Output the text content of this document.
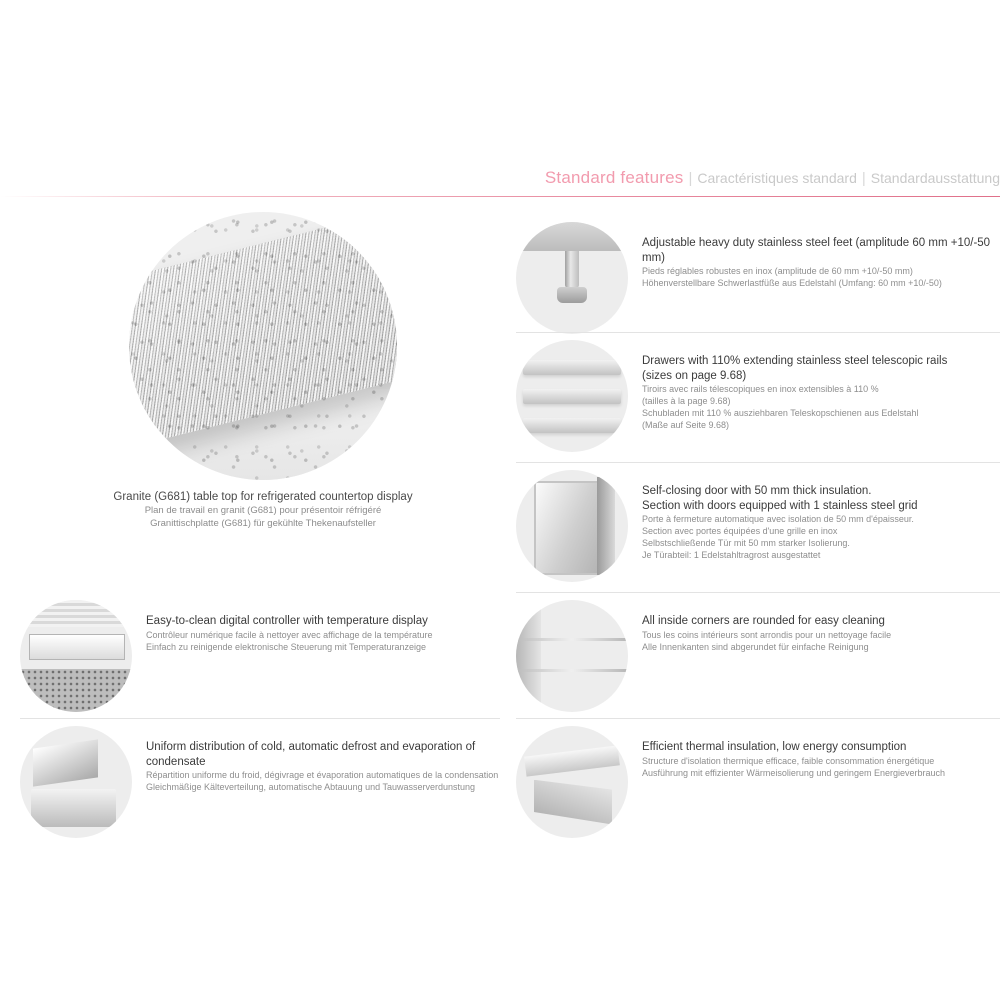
Standard features | Caractéristiques standard | Standardausstattung
Granite (G681) table top for refrigerated countertop display
Plan de travail en granit (G681) pour présentoir réfrigéré
Granittischplatte (G681) für gekühlte Thekenaufsteller
Adjustable heavy duty stainless steel feet (amplitude 60 mm +10/-50 mm)
Pieds réglables robustes en inox (amplitude de 60 mm +10/-50 mm)
Höhenverstellbare Schwerlastfüße aus Edelstahl (Umfang: 60 mm +10/-50)
Drawers with 110% extending stainless steel telescopic rails
(sizes on page 9.68)
Tiroirs avec rails télescopiques en inox extensibles à 110 %
(tailles à la page 9.68)
Schubladen mit 110 % ausziehbaren Teleskopschienen aus Edelstahl
(Maße auf Seite 9.68)
Self-closing door with 50 mm thick insulation.
Section with doors equipped with 1 stainless steel grid
Porte à fermeture automatique avec isolation de 50 mm d'épaisseur.
Section avec portes équipées d'une grille en inox
Selbstschließende Tür mit 50 mm starker Isolierung.
Je Türabteil: 1 Edelstahltragrost ausgestattet
Easy-to-clean digital controller with temperature display
Contrôleur numérique facile à nettoyer avec affichage de la température
Einfach zu reinigende elektronische Steuerung mit Temperaturanzeige
All inside corners are rounded for easy cleaning
Tous les coins intérieurs sont arrondis pour un nettoyage facile
Alle Innenkanten sind abgerundet für einfache Reinigung
Uniform distribution of cold, automatic defrost and evaporation of condensate
Répartition uniforme du froid, dégivrage et évaporation automatiques de la condensation
Gleichmäßige Kälteverteilung, automatische Abtauung und Tauwasserverdunstung
Efficient thermal insulation, low energy consumption
Structure d'isolation thermique efficace, faible consommation énergétique
Ausführung mit effizienter Wärmeisolierung und geringem Energieverbrauch
